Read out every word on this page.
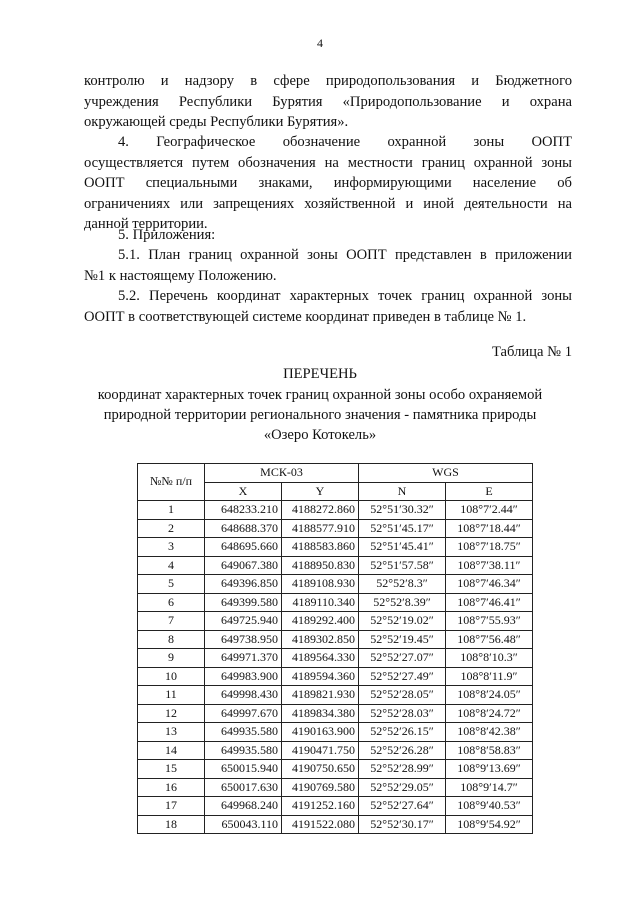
4
контролю и надзору в сфере природопользования и Бюджетного
учреждения Республики Бурятия «Природопользование и охрана
окружающей среды Республики Бурятия».
4. Географическое обозначение охранной зоны ООПТ
осуществляется путем обозначения на местности границ охранной зоны
ООПТ специальными знаками, информирующими население об
ограничениях или запрещениях хозяйственной и иной деятельности на
данной территории.
5. Приложения:
5.1. План границ охранной зоны ООПТ представлен в приложении
№1 к настоящему Положению.
5.2. Перечень координат характерных точек границ охранной зоны
ООПТ в соответствующей системе координат приведен в таблице № 1.
Таблица № 1
ПЕРЕЧЕНЬ
координат характерных точек границ охранной зоны особо охраняемой
природной территории регионального значения - памятника природы
«Озеро Котокель»
№№ п/п	МСК-03		WGS	
	X	Y	N	E
1	648233.210	4188272.860	52°51′30.32″	108°7′2.44″
2	648688.370	4188577.910	52°51′45.17″	108°7′18.44″
3	648695.660	4188583.860	52°51′45.41″	108°7′18.75″
4	649067.380	4188950.830	52°51′57.58″	108°7′38.11″
5	649396.850	4189108.930	52°52′8.3″	108°7′46.34″
6	649399.580	4189110.340	52°52′8.39″	108°7′46.41″
7	649725.940	4189292.400	52°52′19.02″	108°7′55.93″
8	649738.950	4189302.850	52°52′19.45″	108°7′56.48″
9	649971.370	4189564.330	52°52′27.07″	108°8′10.3″
10	649983.900	4189594.360	52°52′27.49″	108°8′11.9″
11	649998.430	4189821.930	52°52′28.05″	108°8′24.05″
12	649997.670	4189834.380	52°52′28.03″	108°8′24.72″
13	649935.580	4190163.900	52°52′26.15″	108°8′42.38″
14	649935.580	4190471.750	52°52′26.28″	108°8′58.83″
15	650015.940	4190750.650	52°52′28.99″	108°9′13.69″
16	650017.630	4190769.580	52°52′29.05″	108°9′14.7″
17	649968.240	4191252.160	52°52′27.64″	108°9′40.53″
18	650043.110	4191522.080	52°52′30.17″	108°9′54.92″
